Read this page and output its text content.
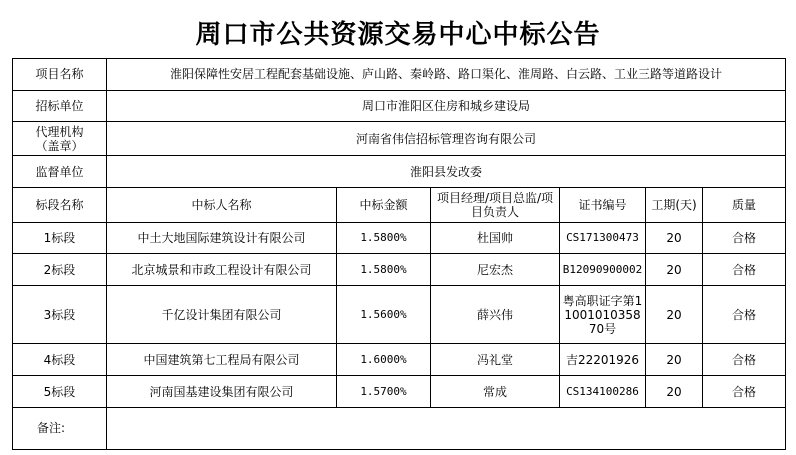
周口市公共资源交易中心中标公告
项目名称	淮阳保障性安居工程配套基础设施、庐山路、秦岭路、路口渠化、淮周路、白云路、工业三路等道路设计					
招标单位	周口市淮阳区住房和城乡建设局					

代理机构
（盖章）	河南省伟信招标管理咨询有限公司					
监督单位	淮阳县发改委					
标段名称	中标人名称	中标金额	项目经理/项目总监/项目负责人	证书编号	工期(天)	质量
1标段	中土大地国际建筑设计有限公司	1.5800%	杜国帅	CS171300473	20	合格
2标段	北京城景和市政工程设计有限公司	1.5800%	尼宏杰	B12090900002	20	合格
3标段	千亿设计集团有限公司	1.5600%	薛兴伟	粤高职证字第1100101035870号	20	合格
4标段	中国建筑第七工程局有限公司	1.6000%	冯礼堂	吉22201926	20	合格
5标段	河南国基建设集团有限公司	1.5700%	常成	CS134100286	20	合格
备注:						
